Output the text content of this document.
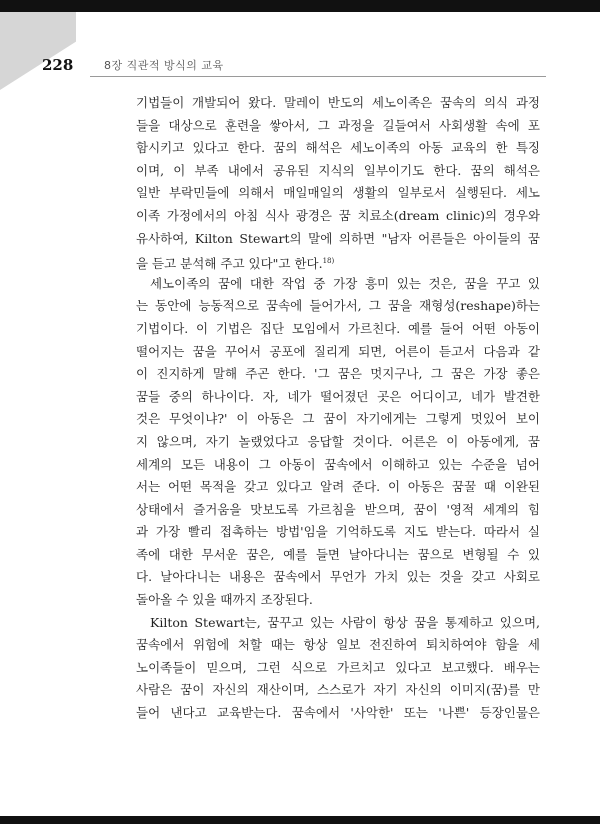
228	8장 직관적 방식의 교육
기법들이 개발되어 왔다. 말레이 반도의 세노이족은 꿈속의 의식 과정
들을 대상으로 훈련을 쌓아서, 그 과정을 길들여서 사회생활 속에 포
함시키고 있다고 한다. 꿈의 해석은 세노이족의 아동 교육의 한 특징
이며, 이 부족 내에서 공유된 지식의 일부이기도 한다. 꿈의 해석은
일반 부락민들에 의해서 매일매일의 생활의 일부로서 실행된다. 세노
이족 가정에서의 아침 식사 광경은 꿈 치료소(dream clinic)의 경우와
유사하여, Kilton Stewart의 말에 의하면 "남자 어른들은 아이들의 꿈
을 듣고 분석해 주고 있다"고 한다.$^{18)}$
세노이족의 꿈에 대한 작업 중 가장 흥미 있는 것은, 꿈을 꾸고 있
는 동안에 능동적으로 꿈속에 들어가서, 그 꿈을 재형성(reshape)하는
기법이다. 이 기법은 집단 모임에서 가르친다. 예를 들어 어떤 아동이
떨어지는 꿈을 꾸어서 공포에 질리게 되면, 어른이 듣고서 다음과 같
이 진지하게 말해 주곤 한다. '그 꿈은 멋지구나, 그 꿈은 가장 좋은
꿈들 중의 하나이다. 자, 네가 떨어졌던 곳은 어디이고, 네가 발견한
것은 무엇이냐?' 이 아동은 그 꿈이 자기에게는 그렇게 멋있어 보이
지 않으며, 자기 놀랬었다고 응답할 것이다. 어른은 이 아동에게, 꿈
세계의 모든 내용이 그 아동이 꿈속에서 이해하고 있는 수준을 넘어
서는 어떤 목적을 갖고 있다고 알려 준다. 이 아동은 꿈꿀 때 이완된
상태에서 즐거움을 맛보도록 가르침을 받으며, 꿈이 '영적 세계의 힘
과 가장 빨리 접촉하는 방법'임을 기억하도록 지도 받는다. 따라서 실
족에 대한 무서운 꿈은, 예를 들면 날아다니는 꿈으로 변형될 수 있
다. 날아다니는 내용은 꿈속에서 무언가 가치 있는 것을 갖고 사회로
돌아올 수 있을 때까지 조장된다.
Kilton Stewart는, 꿈꾸고 있는 사람이 항상 꿈을 통제하고 있으며,
꿈속에서 위험에 처할 때는 항상 일보 전진하여 퇴치하여야 함을 세
노이족들이 믿으며, 그런 식으로 가르치고 있다고 보고했다. 배우는
사람은 꿈이 자신의 재산이며, 스스로가 자기 자신의 이미지(꿈)를 만
들어 낸다고 교육받는다. 꿈속에서 '사악한' 또는 '나쁜' 등장인물은
